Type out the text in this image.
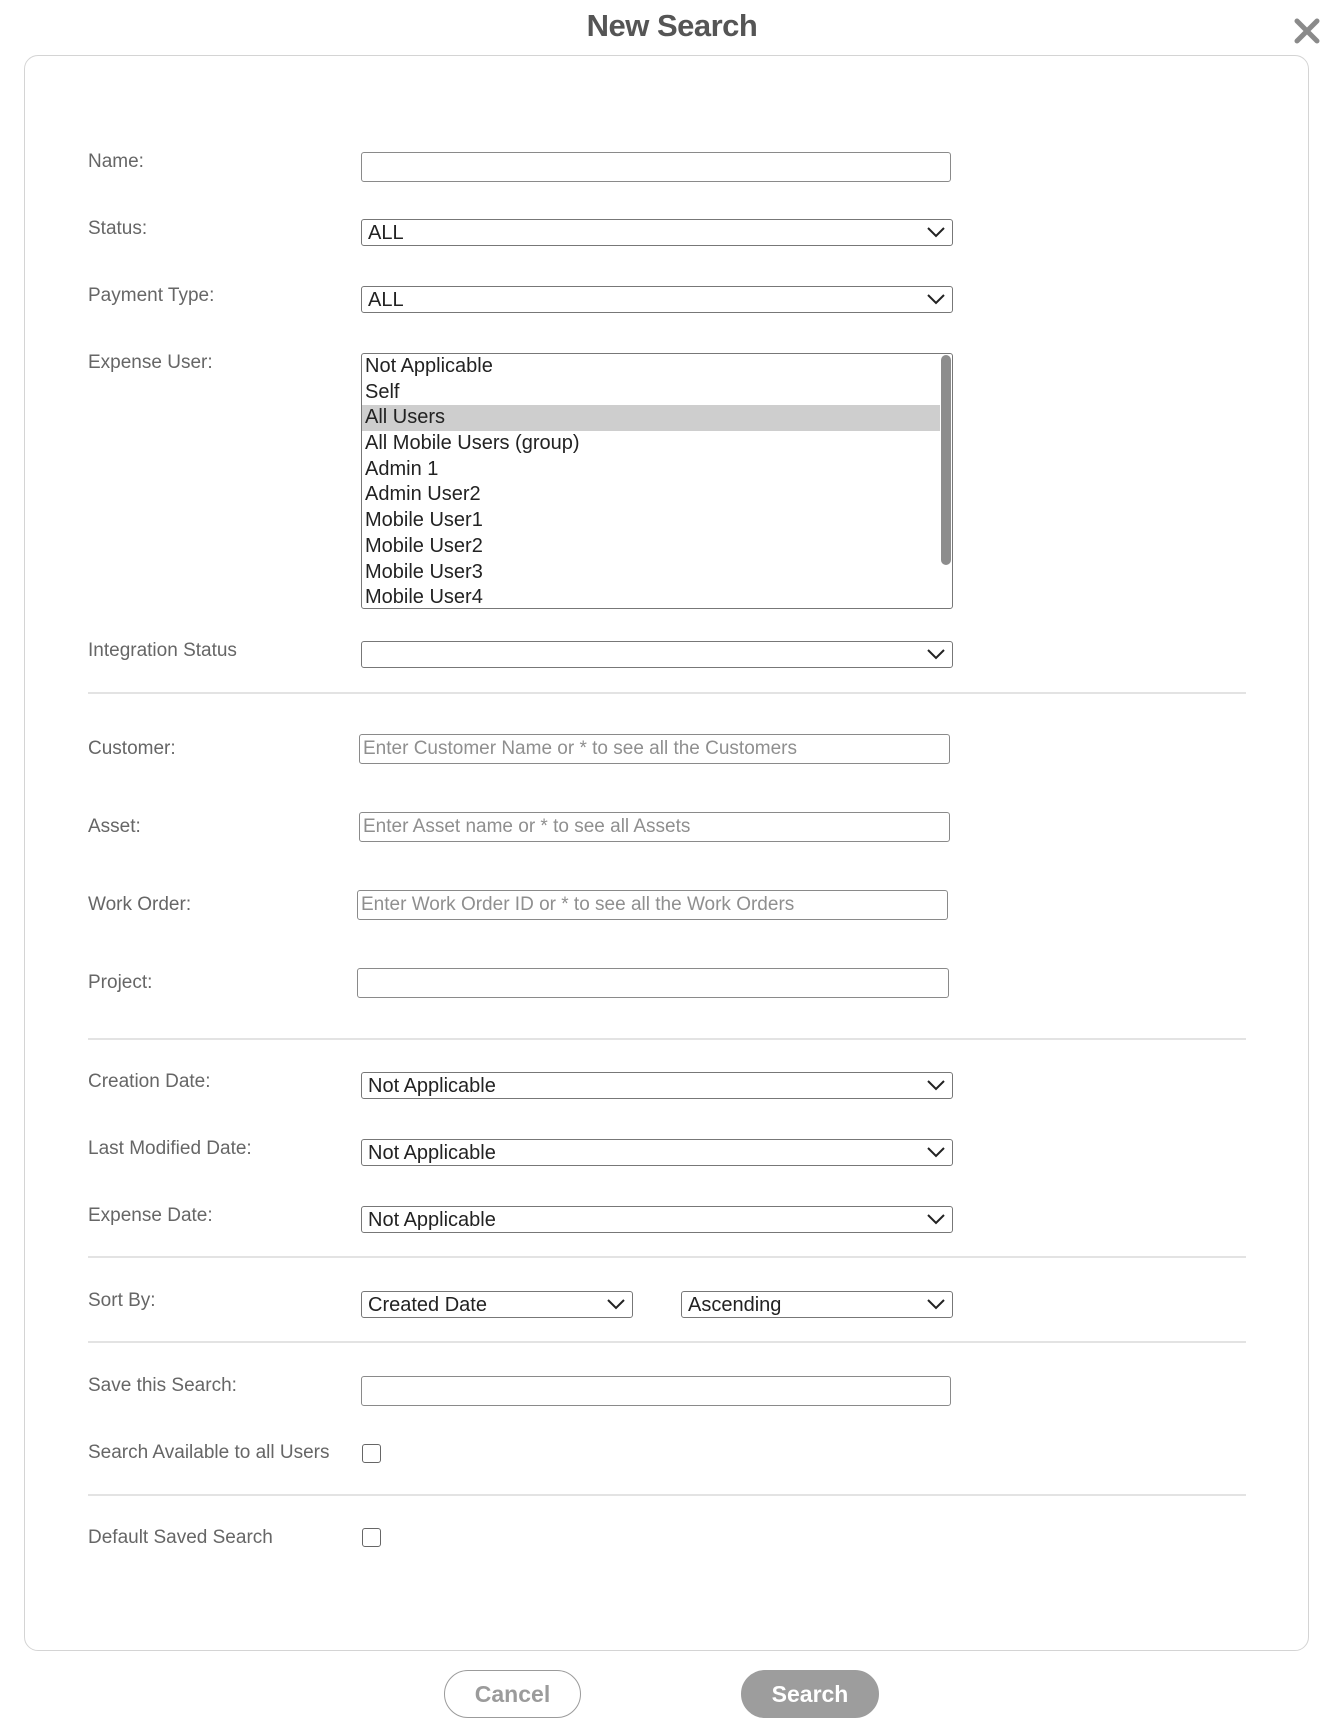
New Search
Name:
Status:	ALL
Payment Type:	ALL
Expense User:	Not Applicable
Self
All Users
All Mobile Users (group)
Admin 1
Admin User2
Mobile User1
Mobile User2
Mobile User3
Mobile User4
Integration Status
Customer:
Enter Customer Name or * to see all the Customers
Asset:
Enter Asset name or * to see all Assets
Work Order:
Enter Work Order ID or * to see all the Work Orders
Project:
Creation Date:	Not Applicable
Last Modified Date:	Not Applicable
Expense Date:	Not Applicable
Sort By:	Created Date	Ascending
Save this Search:
Search Available to all Users
Default Saved Search
Cancel	Search
